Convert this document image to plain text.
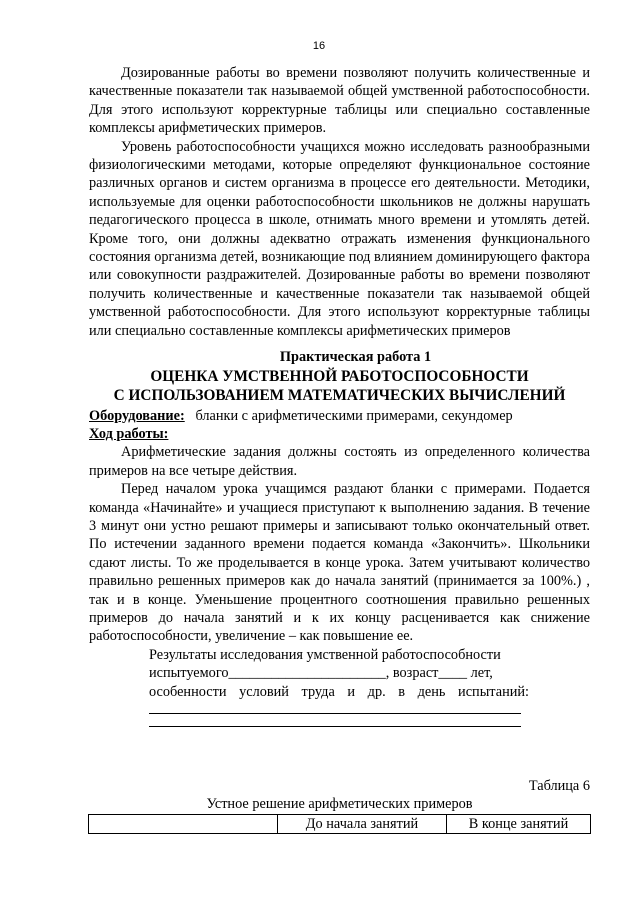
16

Дозированные работы во времени позволяют получить количественные и качественные показатели так называемой общей умственной работоспособности. Для этого используют корректурные таблицы или специально составленные комплексы арифметических примеров.

Уровень работоспособности учащихся можно исследовать разнообразными физиологическими методами, которые определяют функциональное состояние различных органов и систем организма в процессе его деятельности. Методики, используемые для оценки работоспособности школьников не должны нарушать педагогического процесса в школе, отнимать много времени и утомлять детей. Кроме того, они должны адекватно отражать изменения функционального состояния организма детей, возникающие под влиянием доминирующего фактора или совокупности раздражителей. Дозированные работы во времени позволяют получить количественные и качественные показатели так называемой общей умственной работоспособности. Для этого используют корректурные таблицы или специально составленные комплексы арифметических примеров

Практическая работа 1

ОЦЕНКА УМСТВЕННОЙ РАБОТОСПОСОБНОСТИ

С ИСПОЛЬЗОВАНИЕМ МАТЕМАТИЧЕСКИХ ВЫЧИСЛЕНИЙ

Оборудование: бланки с арифметическими примерами, секундомер

Ход работы:

Арифметические задания должны состоять из определенного количества примеров на все четыре действия.

Перед началом урока учащимся раздают бланки с примерами. Подается команда «Начинайте» и учащиеся приступают к выполнению задания. В течение 3 минут они устно решают примеры и записывают только окончательный ответ. По истечении заданного времени подается команда «Закончить». Школьники сдают листы. То же проделывается в конце урока. Затем учитывают количество правильно решенных примеров как до начала занятий (принимается за 100%.) , так и в конце. Уменьшение процентного соотношения правильно решенных примеров до начала занятий и к их концу расценивается как снижение работоспособности, увеличение – как повышение ее.

Результаты исследования умственной работоспособности

испытуемого______________________, возраст____ лет,

особенности условий труда и др. в день испытаний:

Таблица 6

Устное решение арифметических примеров

	До начала занятий	В конце занятий
